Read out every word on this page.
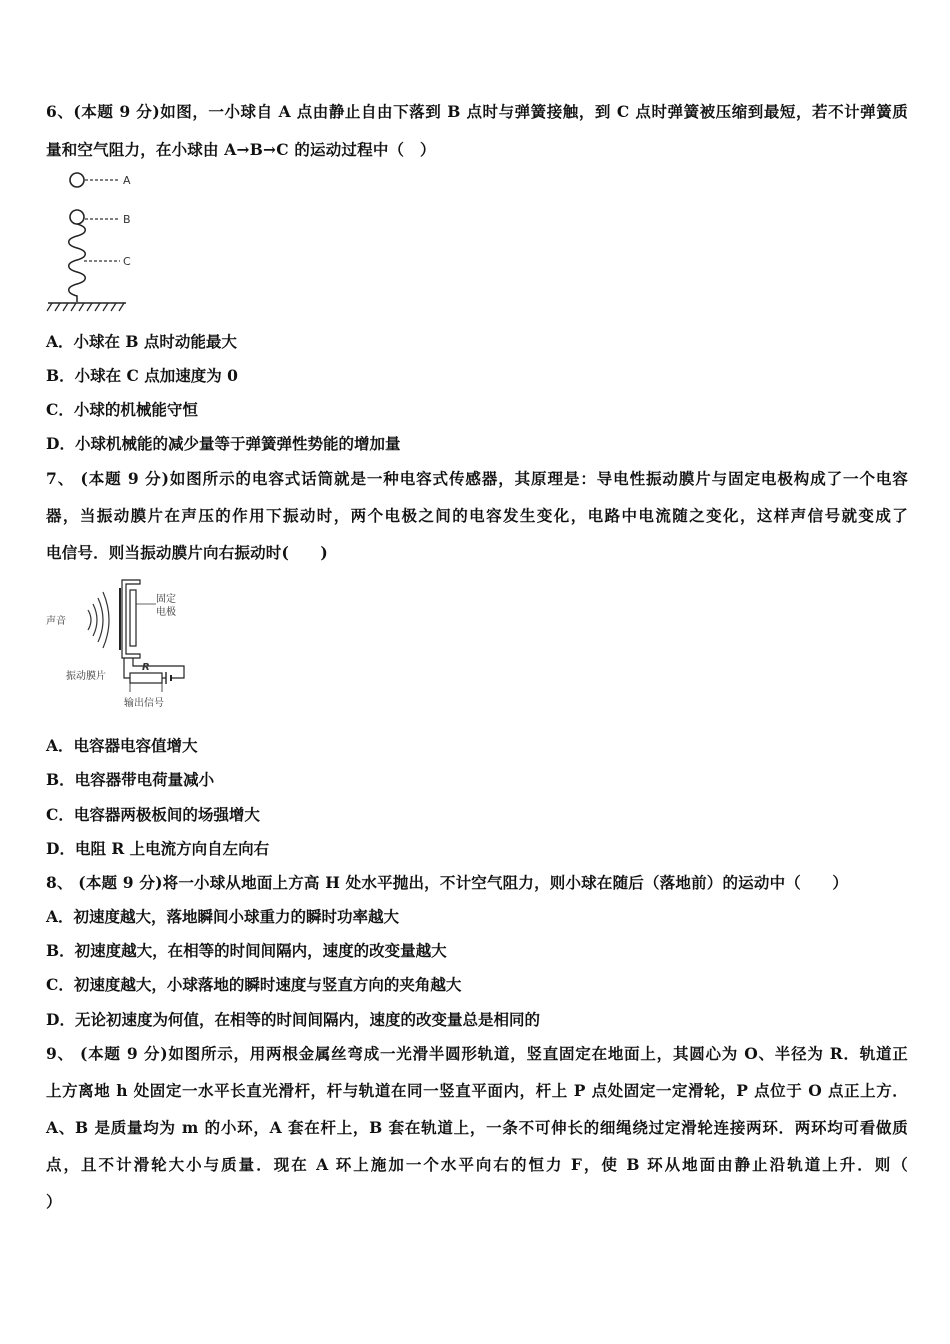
6、(本题 9 分)如图，一小球自 A 点由静止自由下落到 B 点时与弹簧接触，到 C 点时弹簧被压缩到最短，若不计弹簧质
量和空气阻力，在小球由 A→B→C 的运动过程中（　）
A
B
C
A．小球在 B 点时动能最大
B．小球在 C 点加速度为 0
C．小球的机械能守恒
D．小球机械能的减少量等于弹簧弹性势能的增加量
7、 (本题 9 分)如图所示的电容式话筒就是一种电容式传感器，其原理是：导电性振动膜片与固定电极构成了一个电容
器，当振动膜片在声压的作用下振动时，两个电极之间的电容发生变化，电路中电流随之变化，这样声信号就变成了
电信号．则当振动膜片向右振动时(　　)
声音
固定
电极
R
振动膜片
输出信号
A．电容器电容值增大
B．电容器带电荷量减小
C．电容器两极板间的场强增大
D．电阻 R 上电流方向自左向右
8、 (本题 9 分)将一小球从地面上方高 H 处水平抛出，不计空气阻力，则小球在随后（落地前）的运动中（　　）
A．初速度越大，落地瞬间小球重力的瞬时功率越大
B．初速度越大，在相等的时间间隔内，速度的改变量越大
C．初速度越大，小球落地的瞬时速度与竖直方向的夹角越大
D．无论初速度为何值，在相等的时间间隔内，速度的改变量总是相同的
9、 (本题 9 分)如图所示，用两根金属丝弯成一光滑半圆形轨道，竖直固定在地面上，其圆心为 O、半径为 R．轨道正
上方离地 h 处固定一水平长直光滑杆，杆与轨道在同一竖直平面内，杆上 P 点处固定一定滑轮，P 点位于 O 点正上方．
A、B 是质量均为 m 的小环，A 套在杆上，B 套在轨道上，一条不可伸长的细绳绕过定滑轮连接两环．两环均可看做质
点，且不计滑轮大小与质量．现在 A 环上施加一个水平向右的恒力 F，使 B 环从地面由静止沿轨道上升．则（
）
